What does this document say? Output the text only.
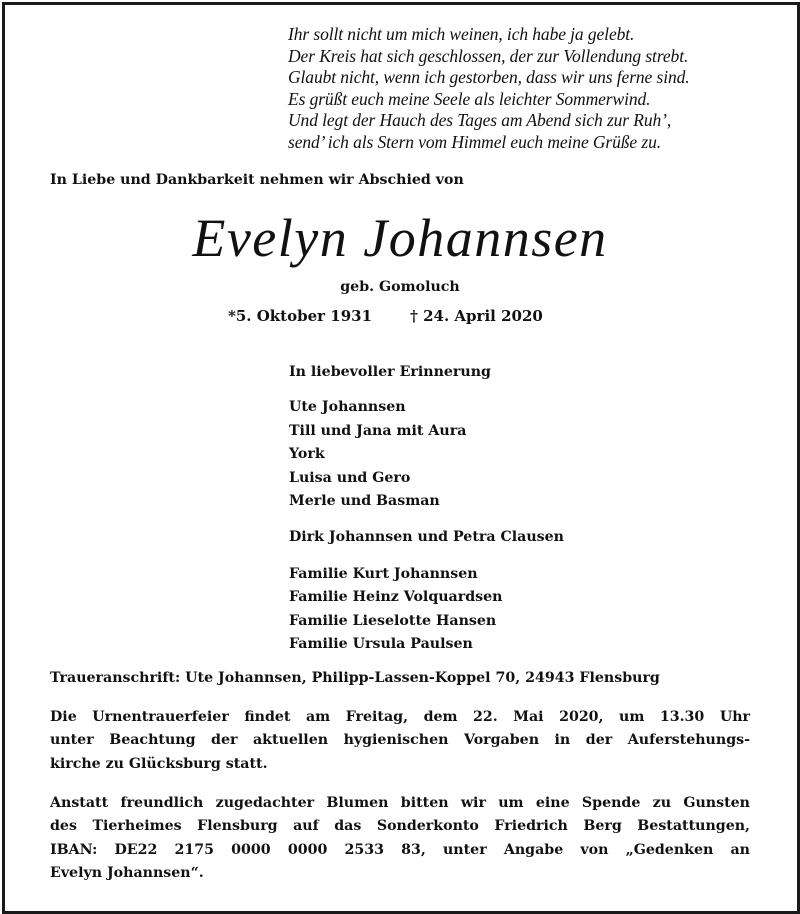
Ihr sollt nicht um mich weinen, ich habe ja gelebt.
Der Kreis hat sich geschlossen, der zur Vollendung strebt.
Glaubt nicht, wenn ich gestorben, dass wir uns ferne sind.
Es grüßt euch meine Seele als leichter Sommerwind.
Und legt der Hauch des Tages am Abend sich zur Ruh’,
send’ ich als Stern vom Himmel euch meine Grüße zu.
In Liebe und Dankbarkeit nehmen wir Abschied von
Evelyn Johannsen
geb. Gomoluch
*5. Oktober 1931	† 24. April 2020
In liebevoller Erinnerung
Ute Johannsen
Till und Jana mit Aura
York
Luisa und Gero
Merle und Basman
Dirk Johannsen und Petra Clausen
Familie Kurt Johannsen
Familie Heinz Volquardsen
Familie Lieselotte Hansen
Familie Ursula Paulsen
Traueranschrift: Ute Johannsen, Philipp-Lassen-Koppel 70, 24943 Flensburg
Die Urnentrauerfeier findet am Freitag, dem 22. Mai 2020, um 13.30 Uhr
unter Beachtung der aktuellen hygienischen Vorgaben in der Auferstehungs-
kirche zu Glücksburg statt.
Anstatt freundlich zugedachter Blumen bitten wir um eine Spende zu Gunsten
des Tierheimes Flensburg auf das Sonderkonto Friedrich Berg Bestattungen,
IBAN: DE22 2175 0000 0000 2533 83, unter Angabe von „Gedenken an
Evelyn Johannsen“.
